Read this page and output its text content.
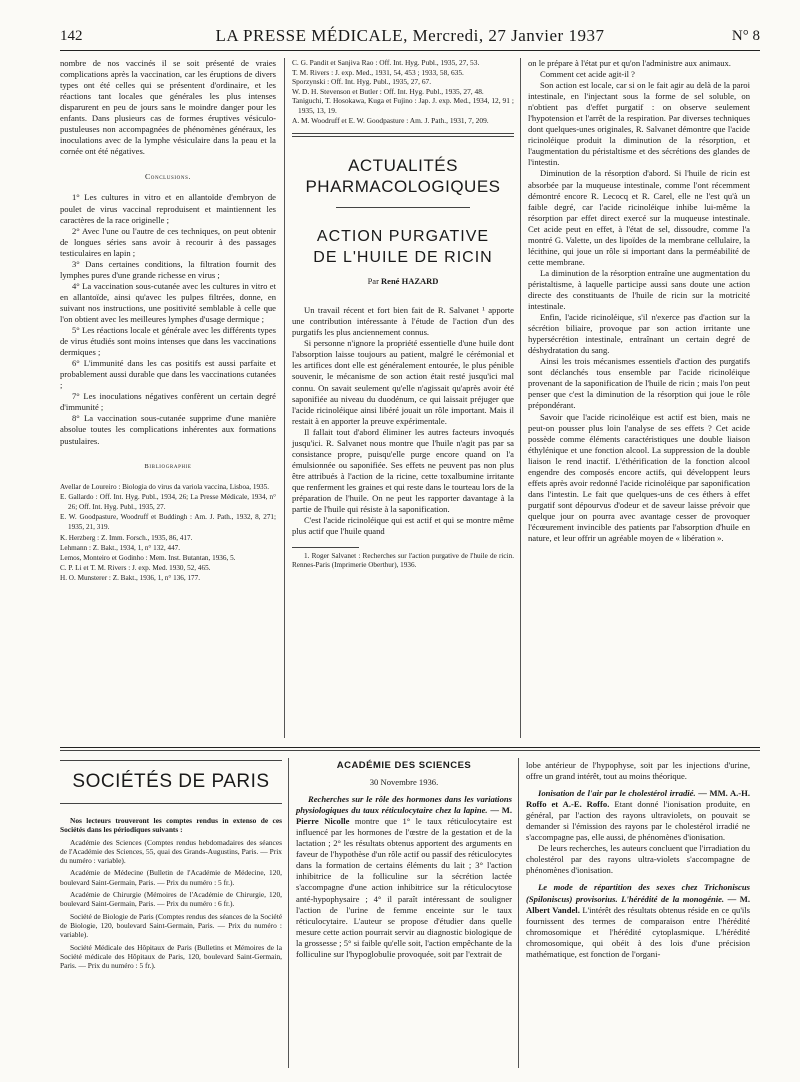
142	LA PRESSE MÉDICALE, Mercredi, 27 Janvier 1937	N° 8

nombre de nos vaccinés il se soit présenté de vraies complications après la vaccination, car les éruptions de divers types ont été celles qui se présentent d'ordinaire, et les réactions tant locales que générales les plus intenses disparurent en peu de jours sans le moindre danger pour les enfants. Dans plusieurs cas de formes éruptives vésiculo-pustuleuses non accompagnées de phénomènes généraux, les inoculations avec de la lymphe vésiculaire dans la peau et la cornée ont été négatives.

Conclusions.

1° Les cultures in vitro et en allantoïde d'embryon de poulet de virus vaccinal reproduisent et maintiennent les caractères de la race originelle ;

2° Avec l'une ou l'autre de ces techniques, on peut obtenir de longues séries sans avoir à recourir à des passages testiculaires en lapin ;

3° Dans certaines conditions, la filtration fournit des lymphes pures d'une grande richesse en virus ;

4° La vaccination sous-cutanée avec les cultures in vitro et en allantoïde, ainsi qu'avec les pulpes filtrées, donne, en suivant nos instructions, une positivité semblable à celle que l'on obtient avec les meilleures lymphes d'usage dermique ;

5° Les réactions locale et générale avec les différents types de virus étudiés sont moins intenses que dans les vaccinations dermiques ;

6° L'immunité dans les cas positifs est aussi parfaite et probablement aussi durable que dans les vaccinations cutanées ;

7° Les inoculations négatives confèrent un certain degré d'immunité ;

8° La vaccination sous-cutanée supprime d'une manière absolue toutes les complications inhérentes aux formations pustulaires.

Bibliographie

Avellar de Loureiro : Biologia do virus da variola vaccina, Lisboa, 1935.

E. Gallardo : Off. Int. Hyg. Publ., 1934, 26; La Presse Médicale, 1934, n° 26; Off. Int. Hyg. Publ., 1935, 27.

E. W. Goodpasture, Woodruff et Buddingh : Am. J. Path., 1932, 8, 271; 1935, 21, 319.

K. Herzberg : Z. Imm. Forsch., 1935, 86, 417.

Lehmann : Z. Bakt., 1934, 1, n° 132, 447.

Lemos, Monteiro et Godinho : Mem. Inst. Butantan, 1936, 5.

C. P. Li et T. M. Rivers : J. exp. Med. 1930, 52, 465.

H. O. Munsterer : Z. Bakt., 1936, 1, n° 136, 177.

C. G. Pandit et Sanjiva Rao : Off. Int. Hyg. Publ., 1935, 27, 53.

T. M. Rivers : J. exp. Med., 1931, 54, 453 ; 1933, 58, 635.

Sporzynski : Off. Int. Hyg. Publ., 1935, 27, 67.

W. D. H. Stevenson et Butler : Off. Int. Hyg. Publ., 1935, 27, 48.

Taniguchi, T. Hosokawa, Kuga et Fujino : Jap. J. exp. Med., 1934, 12, 91 ; 1935, 13, 19.

A. M. Woodruff et E. W. Goodpasture : Am. J. Path., 1931, 7, 209.

ACTUALITÉS PHARMACOLOGIQUES
ACTION PURGATIVE
DE L'HUILE DE RICIN
Par René HAZARD

Un travail récent et fort bien fait de R. Salvanet ¹ apporte une contribution intéressante à l'étude de l'action d'un des purgatifs les plus anciennement connus.

Si personne n'ignore la propriété essentielle d'une huile dont l'absorption laisse toujours au patient, malgré le cérémonial et les artifices dont elle est généralement entourée, le plus pénible souvenir, le mécanisme de son action était resté jusqu'ici mal connu. On savait seulement qu'elle n'agissait qu'après avoir été saponifiée au niveau du duodénum, ce qui laissait préjuger que l'acide ricinoléique ainsi libéré jouait un rôle important. Mais il restait à en apporter la preuve expérimentale.

Il fallait tout d'abord éliminer les autres facteurs invoqués jusqu'ici. R. Salvanet nous montre que l'huile n'agit pas par sa consistance propre, puisqu'elle purge encore quand on l'a émulsionnée ou saponifiée. Ses effets ne peuvent pas non plus être attribués à l'action de la ricine, cette toxalbumine irritante que renferment les graines et qui reste dans le tourteau lors de la préparation de l'huile. On ne peut les rapporter davantage à la partie de l'huile qui résiste à la saponification.

C'est l'acide ricinoléique qui est actif et qui se montre même plus actif que l'huile quand

1. Roger Salvanet : Recherches sur l'action purgative de l'huile de ricin. Rennes-Paris (Imprimerie Oberthur), 1936.

on le prépare à l'état pur et qu'on l'administre aux animaux.

Comment cet acide agit-il ?

Son action est locale, car si on le fait agir au delà de la paroi intestinale, en l'injectant sous la forme de sel soluble, on n'obtient pas d'effet purgatif : on observe seulement l'hypotension et l'arrêt de la respiration. Par diverses techniques dont quelques-unes originales, R. Salvanet démontre que l'acide ricinoléique produit la diminution de la résorption, et l'augmentation du péristaltisme et des sécrétions des glandes de l'intestin.

Diminution de la résorption d'abord. Si l'huile de ricin est absorbée par la muqueuse intestinale, comme l'ont récemment démontré encore R. Lecocq et R. Carel, elle ne l'est qu'à un faible degré, car l'acide ricinoléique inhibe lui-même la résorption par effet direct exercé sur la muqueuse intestinale. Cet acide peut en effet, à l'état de sel, dissoudre, comme l'a montré G. Valette, un des lipoïdes de la membrane cellulaire, la lécithine, qui joue un rôle si important dans la perméabilité de cette membrane.

La diminution de la résorption entraîne une augmentation du péristaltisme, à laquelle participe aussi sans doute une action directe des constituants de l'huile de ricin sur la motricité intestinale.

Enfin, l'acide ricinoléique, s'il n'exerce pas d'action sur la sécrétion biliaire, provoque par son action irritante une hypersécrétion intestinale, entraînant un certain degré de déshydratation du sang.

Ainsi les trois mécanismes essentiels d'action des purgatifs sont déclanchés tous ensemble par l'acide ricinoléique provenant de la saponification de l'huile de ricin ; mais l'on peut penser que c'est la diminution de la résorption qui joue le rôle prépondérant.

Savoir que l'acide ricinoléique est actif est bien, mais ne peut-on pousser plus loin l'analyse de ses effets ? Cet acide possède comme éléments caractéristiques une double liaison éthylénique et une fonction alcool. La suppression de la double liaison le rend inactif. L'éthérification de la fonction alcool engendre des composés encore actifs, qui développent leurs effets après avoir redonné l'acide ricinoléique par saponification dans l'intestin. Le fait que quelques-uns de ces éthers à effet purgatif sont dépourvus d'odeur et de saveur laisse prévoir que quelque jour on pourra avec avantage cesser de provoquer l'écœurement invincible des patients par l'absorption d'huile en nature, et leur offrir un agréable moyen de « libération ».

SOCIÉTÉS DE PARIS

Nos lecteurs trouveront les comptes rendus in extenso de ces Sociétés dans les périodiques suivants :

Académie des Sciences (Comptes rendus hebdomadaires des séances de l'Académie des Sciences, 55, quai des Grands-Augustins, Paris. — Prix du numéro : variable).

Académie de Médecine (Bulletin de l'Académie de Médecine, 120, boulevard Saint-Germain, Paris. — Prix du numéro : 5 fr.).

Académie de Chirurgie (Mémoires de l'Académie de Chirurgie, 120, boulevard Saint-Germain, Paris. — Prix du numéro : 6 fr.).

Société de Biologie de Paris (Comptes rendus des séances de la Société de Biologie, 120, boulevard Saint-Germain, Paris. — Prix du numéro : variable).

Société Médicale des Hôpitaux de Paris (Bulletins et Mémoires de la Société médicale des Hôpitaux de Paris, 120, boulevard Saint-Germain, Paris. — Prix du numéro : 5 fr.).

ACADÉMIE DES SCIENCES
30 Novembre 1936.

Recherches sur le rôle des hormones dans les variations physiologiques du taux réticulocytaire chez la lapine. — M. Pierre Nicolle montre que 1° le taux réticulocytaire est influencé par les hormones de l'œstre de la gestation et de la lactation ; 2° les résultats obtenus apportent des arguments en faveur de l'hypothèse d'un rôle actif ou passif des réticulocytes dans la formation de certains éléments du lait ; 3° l'action inhibitrice de la folliculine sur la sécrétion lactée s'accompagne d'une action inhibitrice sur la réticulocytose anté-hypophysaire ; 4° il paraît intéressant de souligner l'action de l'urine de femme enceinte sur le taux réticulocytaire. L'auteur se propose d'étudier dans quelle mesure cette action pourrait servir au diagnostic biologique de la grossesse ; 5° si faible qu'elle soit, l'action empêchante de la folliculine sur l'hypoglobulie provoquée, soit par l'extrait de

lobe antérieur de l'hypophyse, soit par les injections d'urine, offre un grand intérêt, tout au moins théorique.

Ionisation de l'air par le cholestérol irradié. — MM. A.-H. Roffo et A.-E. Roffo. Etant donné l'ionisation produite, en général, par l'action des rayons ultraviolets, on pouvait se demander si l'émission des rayons par le cholestérol irradié ne s'accompagne pas, elle aussi, de phénomènes d'ionisation.

De leurs recherches, les auteurs concluent que l'irradiation du cholestérol par des rayons ultra-violets s'accompagne de phénomènes d'ionisation.

Le mode de répartition des sexes chez Trichoniscus (Spiloniscus) provisorius. L'hérédité de la monogénie. — M. Albert Vandel. L'intérêt des résultats obtenus réside en ce qu'ils fournissent des termes de comparaison entre l'hérédité chromosomique et l'hérédité cytoplasmique. L'hérédité chromosomique, qui obéit à des lois d'une précision mathématique, est fonction de l'organi-
